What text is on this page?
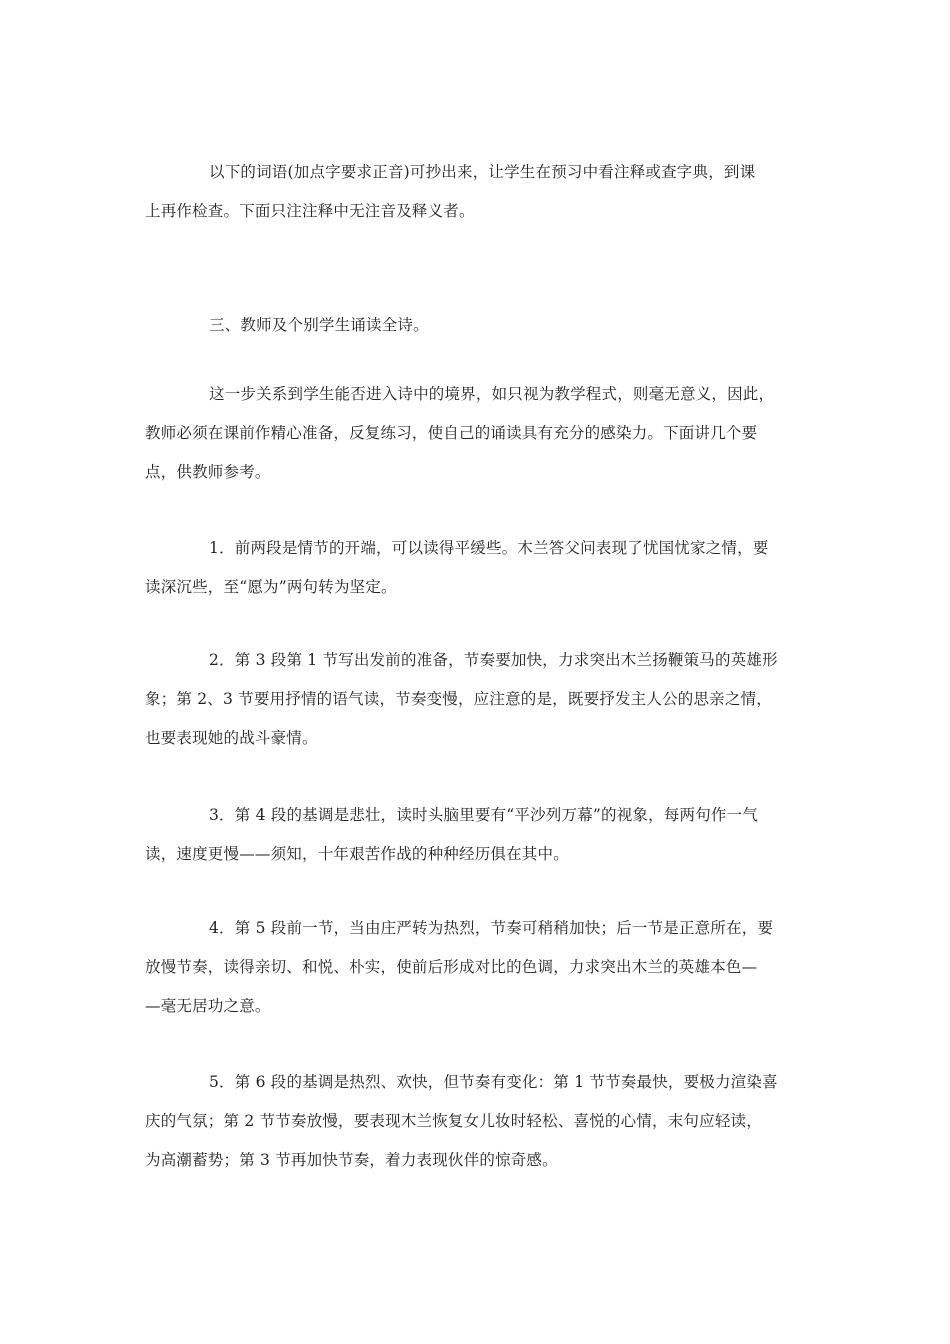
以下的词语(加点字要求正音)可抄出来，让学生在预习中看注释或查字典，到课
上再作检查。下面只注注释中无注音及释义者。
三、教师及个别学生诵读全诗。
这一步关系到学生能否进入诗中的境界，如只视为教学程式，则毫无意义，因此，
教师必须在课前作精心准备，反复练习，使自己的诵读具有充分的感染力。下面讲几个要
点，供教师参考。
1．前两段是情节的开端，可以读得平缓些。木兰答父问表现了忧国忧家之情，要
读深沉些，至“愿为”两句转为坚定。
2．第 3 段第 1 节写出发前的准备，节奏要加快，力求突出木兰扬鞭策马的英雄形
象；第 2、3 节要用抒情的语气读，节奏变慢，应注意的是，既要抒发主人公的思亲之情，
也要表现她的战斗豪情。
3．第 4 段的基调是悲壮，读时头脑里要有“平沙列万幕”的视象，每两句作一气
读，速度更慢——须知，十年艰苦作战的种种经历俱在其中。
4．第 5 段前一节，当由庄严转为热烈，节奏可稍稍加快；后一节是正意所在，要
放慢节奏，读得亲切、和悦、朴实，使前后形成对比的色调，力求突出木兰的英雄本色—
—毫无居功之意。
5．第 6 段的基调是热烈、欢快，但节奏有变化：第 1 节节奏最快，要极力渲染喜
庆的气氛；第 2 节节奏放慢，要表现木兰恢复女儿妆时轻松、喜悦的心情，末句应轻读，
为高潮蓄势；第 3 节再加快节奏，着力表现伙伴的惊奇感。
